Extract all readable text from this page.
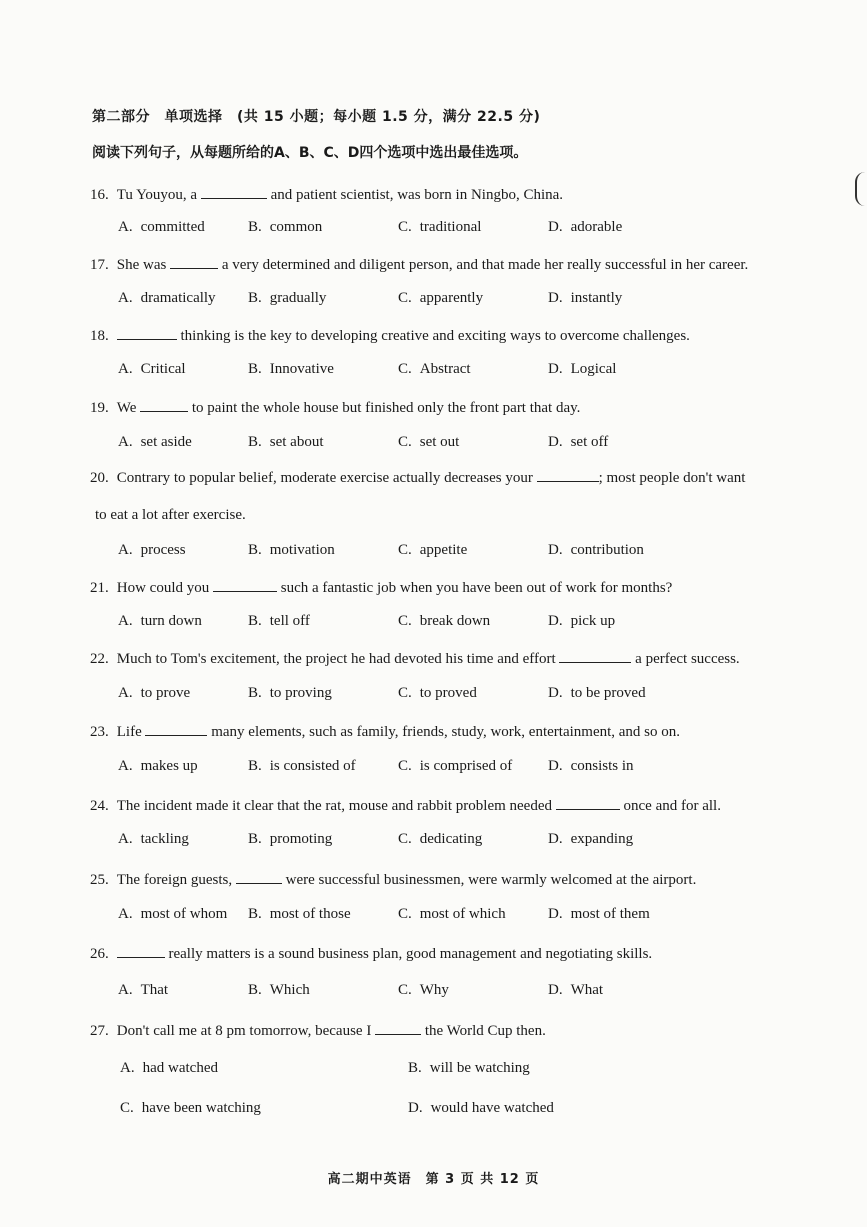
第二部分　单项选择　(共 15 小题；每小题 1.5 分，满分 22.5 分)
阅读下列句子，从每题所给的A、B、C、D四个选项中选出最佳选项。
16. Tu Youyou, a	and patient scientist, was born in Ningbo, China.
A. committed	B. common	C. traditional	D. adorable
17. She was	a very determined and diligent person, and that made her really successful in her career.
A. dramatically B. gradually	C. apparently	D. instantly
18.	thinking is the key to developing creative and exciting ways to overcome challenges.
A. Critical	B. Innovative	C. Abstract	D. Logical
19. We	to paint the whole house but finished only the front part that day.
A. set aside	B. set about	C. set out	D. set off
20. Contrary to popular belief, moderate exercise actually decreases your	; most people don't want
to eat a lot after exercise.
A. process	B. motivation	C. appetite	D. contribution
21. How could you	such a fantastic job when you have been out of work for months?
A. turn down	B. tell off	C. break down	D. pick up
22. Much to Tom's excitement, the project he had devoted his time and effort	a perfect success.
A. to prove	B. to proving	C. to proved	D. to be proved
23. Life	many elements, such as family, friends, study, work, entertainment, and so on.
A. makes up	B. is consisted of	C. is comprised of D. consists in
24. The incident made it clear that the rat, mouse and rabbit problem needed	once and for all.
A. tackling	B. promoting	C. dedicating	D. expanding
25. The foreign guests,	were successful businessmen, were warmly welcomed at the airport.
A. most of whom B. most of those	C. most of which	D. most of them
26.	really matters is a sound business plan, good management and negotiating skills.
A. That	B. Which	C. Why	D. What
27. Don't call me at 8 pm tomorrow, because I	the World Cup then.
A. had watched	B. will be watching
C. have been watching	D. would have watched
高二期中英语　第 3 页 共 12 页
